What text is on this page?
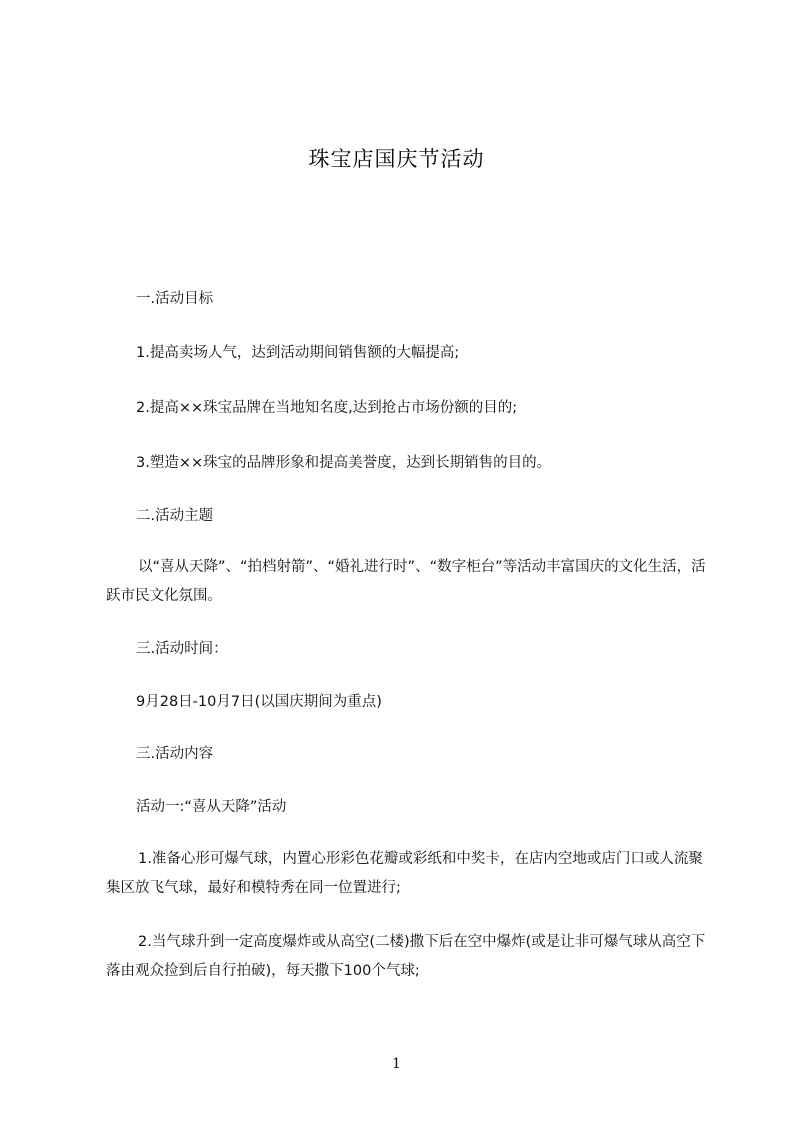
珠宝店国庆节活动
一.活动目标
1.提高卖场人气，达到活动期间销售额的大幅提高;
2.提高××珠宝品牌在当地知名度,达到抢占市场份额的目的;
3.塑造××珠宝的品牌形象和提高美誉度，达到长期销售的目的。
二.活动主题
以“喜从天降”、“拍档射箭”、“婚礼进行时”、“数字柜台”等活动丰富国庆的文化生活，活跃市民文化氛围。
三.活动时间：
9月28日-10月7日(以国庆期间为重点)
三.活动内容
活动一:“喜从天降”活动
1.准备心形可爆气球，内置心形彩色花瓣或彩纸和中奖卡，在店内空地或店门口或人流聚集区放飞气球，最好和模特秀在同一位置进行;
2.当气球升到一定高度爆炸或从高空(二楼)撒下后在空中爆炸(或是让非可爆气球从高空下落由观众捡到后自行拍破)，每天撒下100个气球;
1
